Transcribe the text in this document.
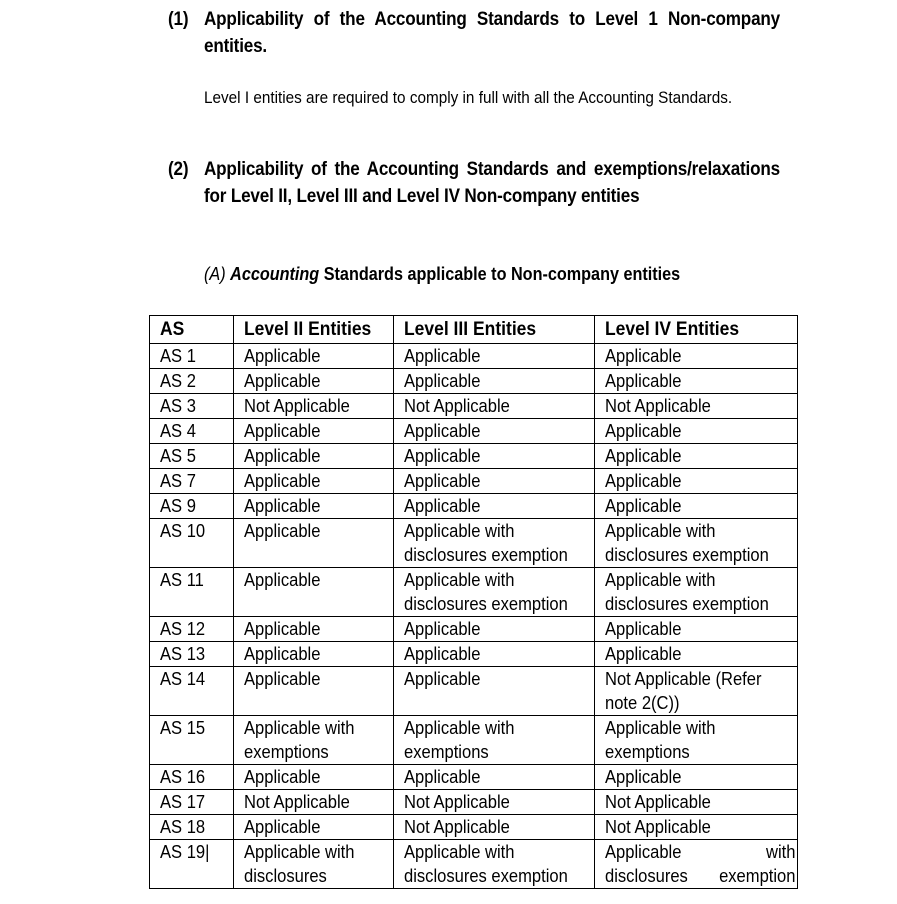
(1) Applicability of the Accounting Standards to Level 1 Non-company entities.
Level I entities are required to comply in full with all the Accounting Standards.
(2) Applicability of the Accounting Standards and exemptions/relaxations for Level II, Level III and Level IV Non-company entities
(A) Accounting Standards applicable to Non-company entities
AS	Level II Entities	Level III Entities	Level IV Entities

AS 1	Applicable	Applicable	Applicable

AS 2	Applicable	Applicable	Applicable

AS 3	Not Applicable	Not Applicable	Not Applicable

AS 4	Applicable	Applicable	Applicable

AS 5	Applicable	Applicable	Applicable

AS 7	Applicable	Applicable	Applicable

AS 9	Applicable	Applicable	Applicable

AS 10	Applicable	Applicable with disclosures exemption	Applicable with disclosures exemption

AS 11	Applicable	Applicable with disclosures exemption	Applicable with disclosures exemption

AS 12	Applicable	Applicable	Applicable

AS 13	Applicable	Applicable	Applicable

AS 14	Applicable	Applicable	Not Applicable (Refer note 2(C))

AS 15	Applicable with exemptions	Applicable with exemptions	Applicable with exemptions

AS 16	Applicable	Applicable	Applicable

AS 17	Not Applicable	Not Applicable	Not Applicable

AS 18	Applicable	Not Applicable	Not Applicable

AS 19|	Applicable with disclosures	Applicable with disclosures exemption	Applicable with disclosures exemption
